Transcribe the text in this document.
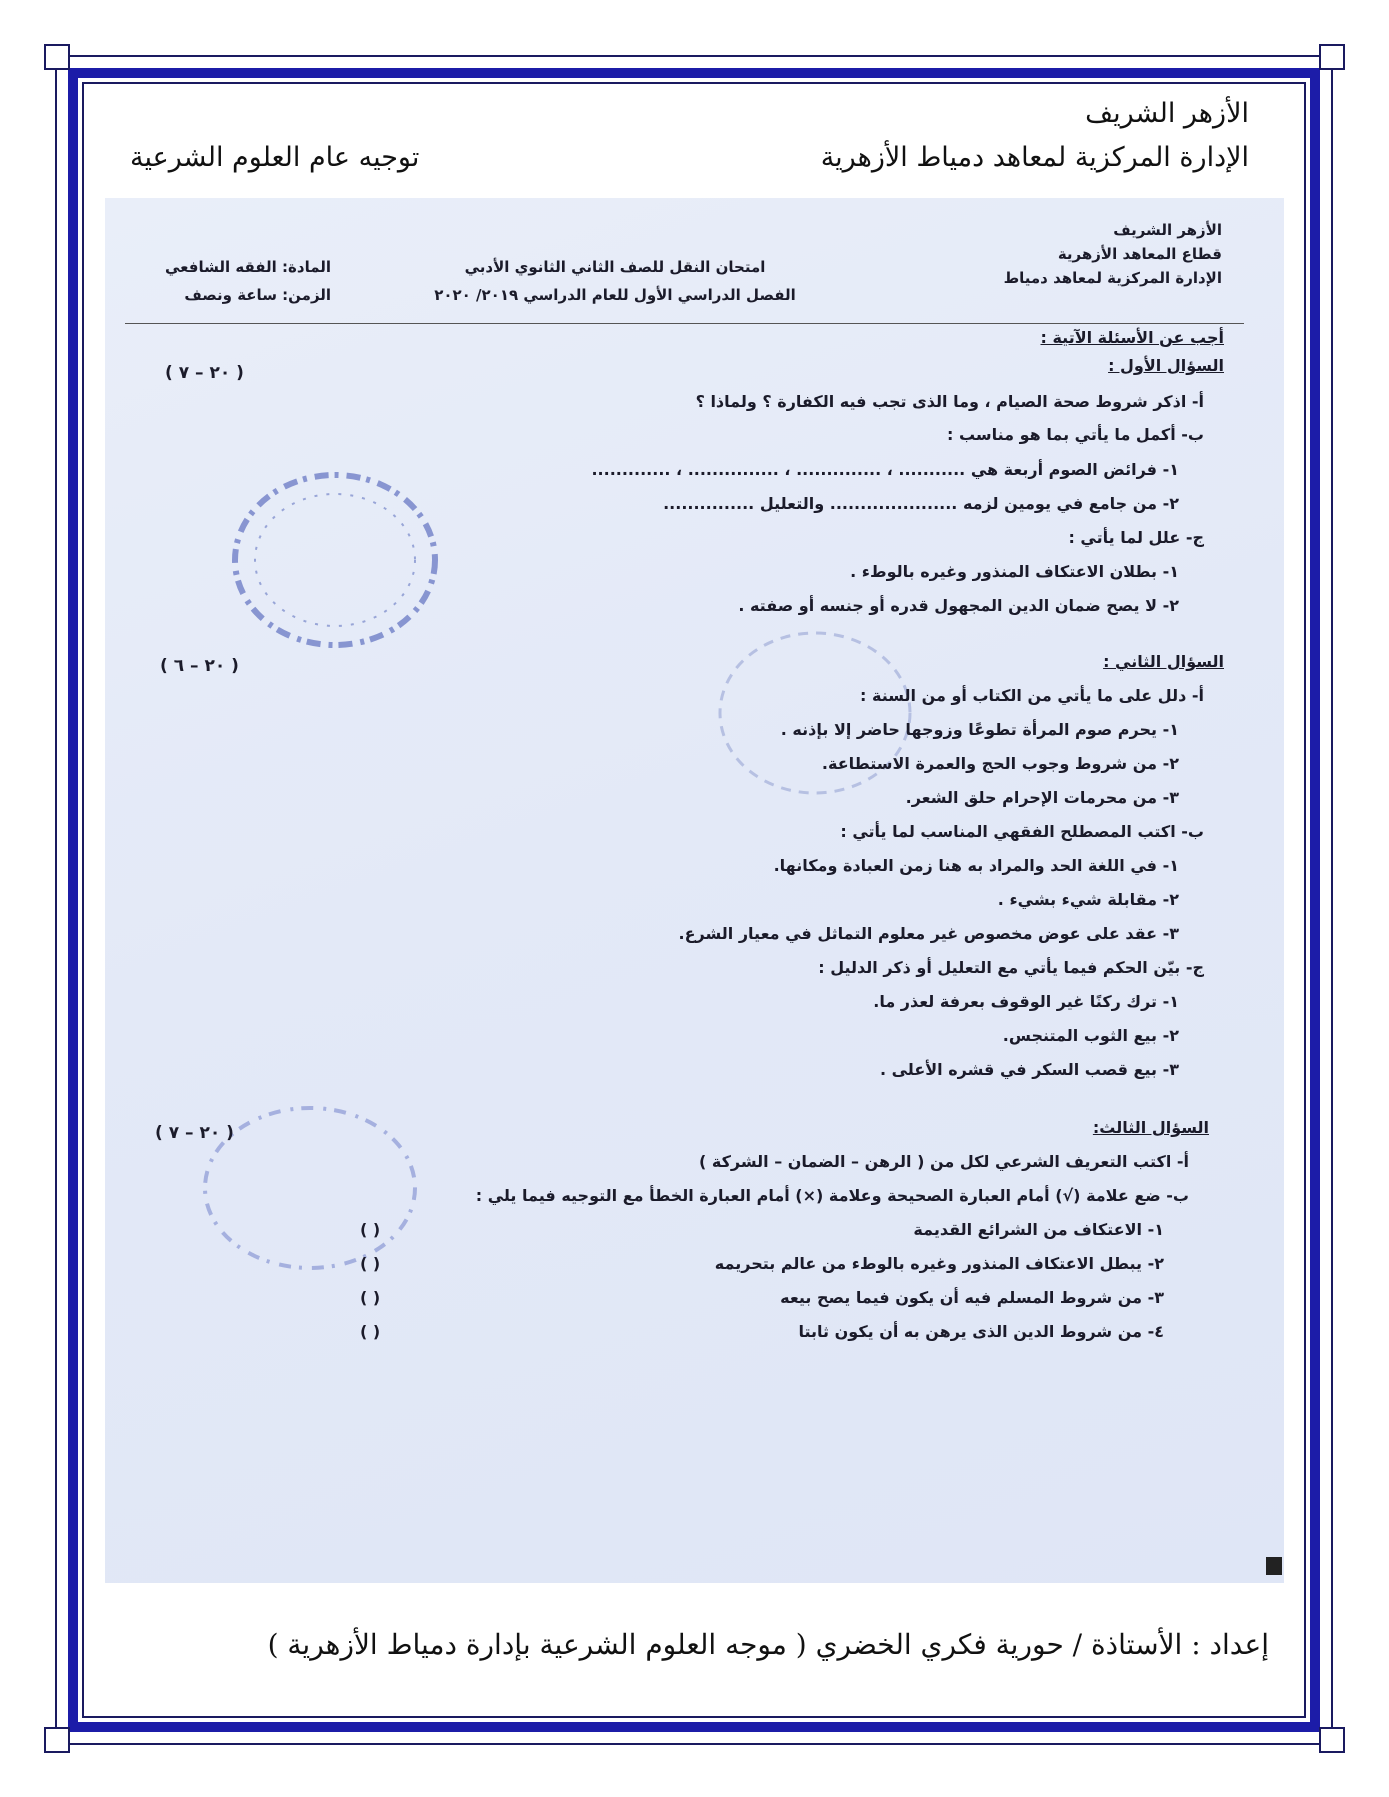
الأزهر الشريف
الإدارة المركزية لمعاهد دمياط الأزهرية
توجيه عام العلوم الشرعية
الأزهر الشريف
قطاع المعاهد الأزهرية
الإدارة المركزية لمعاهد دمياط
امتحان النقل للصف الثاني الثانوي الأدبي
الفصل الدراسي الأول للعام الدراسي ٢٠١٩/ ٢٠٢٠
المادة: الفقه الشافعي
الزمن: ساعة ونصف
أجب عن الأسئلة الآتية :
السؤال الأول :
( ٢٠ – ٧ )
أ- اذكر شروط صحة الصيام ، وما الذى تجب فيه الكفارة ؟ ولماذا ؟
ب- أكمل ما يأتي بما هو مناسب :
١- فرائض الصوم أربعة هي ........... ، .............. ، ............... ، .............
٢- من جامع في يومين لزمه ..................... والتعليل ...............
ج- علل لما يأتي :
١- بطلان الاعتكاف المنذور وغيره بالوطء .
٢- لا يصح ضمان الدين المجهول قدره أو جنسه أو صفته .
السؤال الثاني :
( ٢٠ – ٦ )
أ- دلل على ما يأتي من الكتاب أو من السنة :
١- يحرم صوم المرأة تطوعًا وزوجها حاضر إلا بإذنه .
٢- من شروط وجوب الحج والعمرة الاستطاعة.
٣- من محرمات الإحرام حلق الشعر.
ب- اكتب المصطلح الفقهي المناسب لما يأتي :
١- في اللغة الحد والمراد به هنا زمن العبادة ومكانها.
٢- مقابلة شيء بشيء .
٣- عقد على عوض مخصوص غير معلوم التماثل في معيار الشرع.
ج- بيّن الحكم فيما يأتي مع التعليل أو ذكر الدليل :
١- ترك ركنًا غير الوقوف بعرفة لعذر ما.
٢- بيع الثوب المتنجس.
٣- بيع قصب السكر في قشره الأعلى .
السؤال الثالث:
( ٢٠ – ٧ )
أ- اكتب التعريف الشرعي لكل من ( الرهن – الضمان – الشركة )
ب- ضع علامة (√) أمام العبارة الصحيحة وعلامة (×) أمام العبارة الخطأ مع التوجيه فيما يلي :
١- الاعتكاف من الشرائع القديمة
( )
٢- يبطل الاعتكاف المنذور وغيره بالوطء من عالم بتحريمه
( )
٣- من شروط المسلم فيه أن يكون فيما يصح بيعه
( )
٤- من شروط الدين الذى يرهن به أن يكون ثابتا
( )
إعداد : الأستاذة / حورية فكري الخضري ( موجه العلوم الشرعية بإدارة دمياط الأزهرية )
